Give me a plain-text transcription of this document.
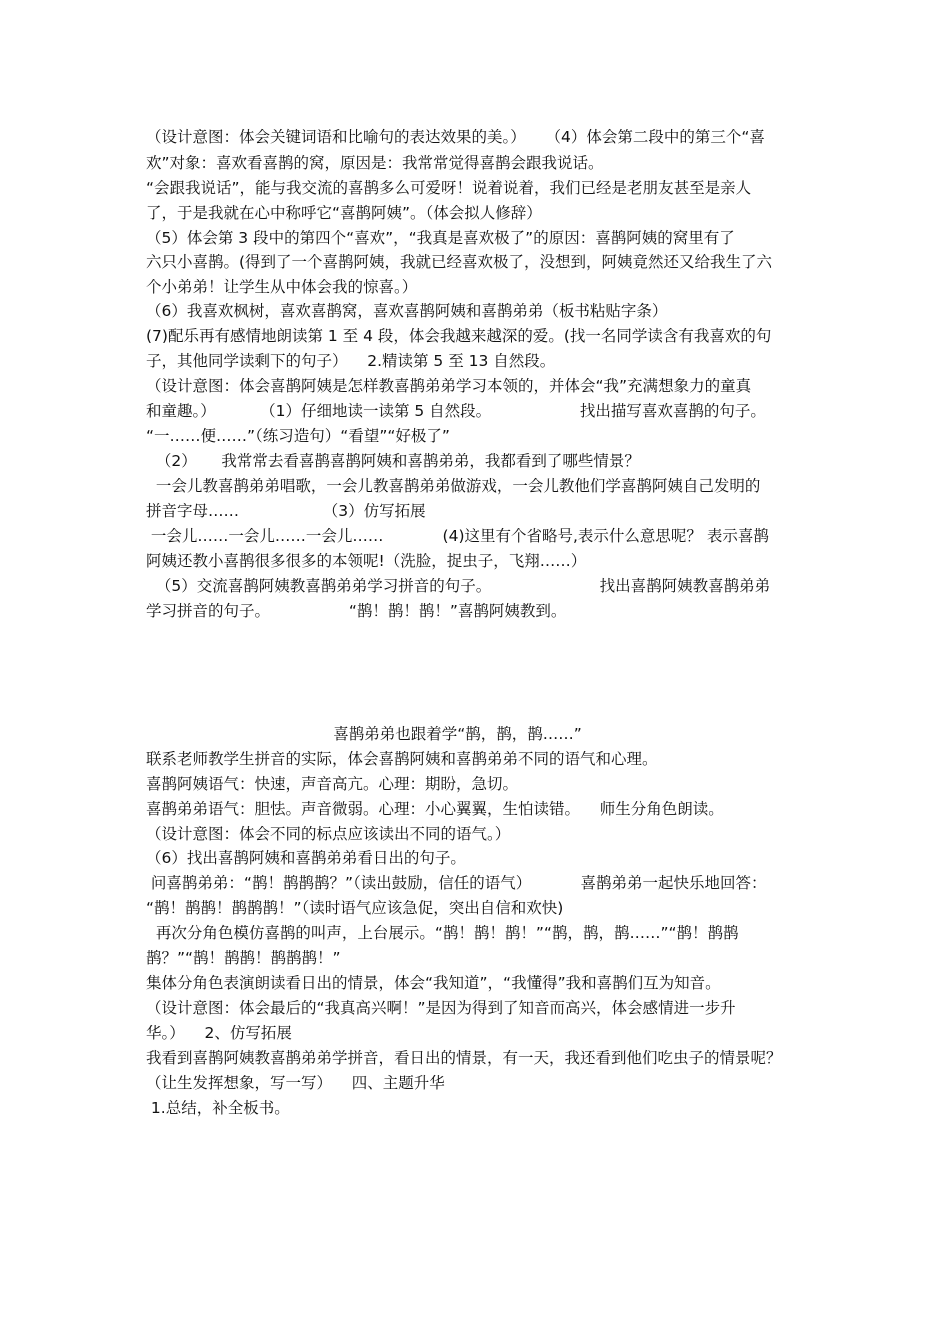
（设计意图：体会关键词语和比喻句的表达效果的美。）    （4）体会第二段中的第三个“喜
欢”对象：喜欢看喜鹊的窝，原因是：我常常觉得喜鹊会跟我说话。
“会跟我说话”，能与我交流的喜鹊多么可爱呀！说着说着，我们已经是老朋友甚至是亲人
了，于是我就在心中称呼它“喜鹊阿姨”。（体会拟人修辞）
（5）体会第 3 段中的第四个“喜欢”，“我真是喜欢极了”的原因：喜鹊阿姨的窝里有了
六只小喜鹊。(得到了一个喜鹊阿姨，我就已经喜欢极了，没想到，阿姨竟然还又给我生了六
个小弟弟！让学生从中体会我的惊喜。）
（6）我喜欢枫树，喜欢喜鹊窝，喜欢喜鹊阿姨和喜鹊弟弟（板书粘贴字条）
(7)配乐再有感情地朗读第 1 至 4 段，体会我越来越深的爱。(找一名同学读含有我喜欢的句
子，其他同学读剩下的句子）    2.精读第 5 至 13 自然段。
（设计意图：体会喜鹊阿姨是怎样教喜鹊弟弟学习本领的，并体会“我”充满想象力的童真
和童趣。）         （1）仔细地读一读第 5 自然段。                  找出描写喜欢喜鹊的句子。
“一……便……”（练习造句）“看望”“好极了”
（2）     我常常去看喜鹊喜鹊阿姨和喜鹊弟弟，我都看到了哪些情景？
一会儿教喜鹊弟弟唱歌，一会儿教喜鹊弟弟做游戏，一会儿教他们学喜鹊阿姨自己发明的
拼音字母……                 （3）仿写拓展
一会儿……一会儿……一会儿……            (4)这里有个省略号,表示什么意思呢？ 表示喜鹊
阿姨还教小喜鹊很多很多的本领呢!（洗脸，捉虫子，飞翔……）
（5）交流喜鹊阿姨教喜鹊弟弟学习拼音的句子。                      找出喜鹊阿姨教喜鹊弟弟
学习拼音的句子。                “鹊！鹊！鹊！”喜鹊阿姨教到。
喜鹊弟弟也跟着学“鹊，鹊，鹊……”
联系老师教学生拼音的实际，体会喜鹊阿姨和喜鹊弟弟不同的语气和心理。
喜鹊阿姨语气：快速，声音高亢。心理：期盼，急切。
喜鹊弟弟语气：胆怯。声音微弱。心理：小心翼翼，生怕读错。    师生分角色朗读。
（设计意图：体会不同的标点应该读出不同的语气。）
（6）找出喜鹊阿姨和喜鹊弟弟看日出的句子。
问喜鹊弟弟：“鹊！鹊鹊鹊？”（读出鼓励，信任的语气）          喜鹊弟弟一起快乐地回答：
“鹊！鹊鹊！鹊鹊鹊！”（读时语气应该急促，突出自信和欢快)
再次分角色模仿喜鹊的叫声，上台展示。“鹊！鹊！鹊！”“鹊，鹊，鹊……”“鹊！鹊鹊
鹊？”“鹊！鹊鹊！鹊鹊鹊！”
集体分角色表演朗读看日出的情景，体会“我知道”，“我懂得”我和喜鹊们互为知音。
（设计意图：体会最后的“我真高兴啊！”是因为得到了知音而高兴，体会感情进一步升
华。）    2、仿写拓展
我看到喜鹊阿姨教喜鹊弟弟学拼音，看日出的情景，有一天，我还看到他们吃虫子的情景呢？
（让生发挥想象，写一写）    四、主题升华
1.总结，补全板书。
